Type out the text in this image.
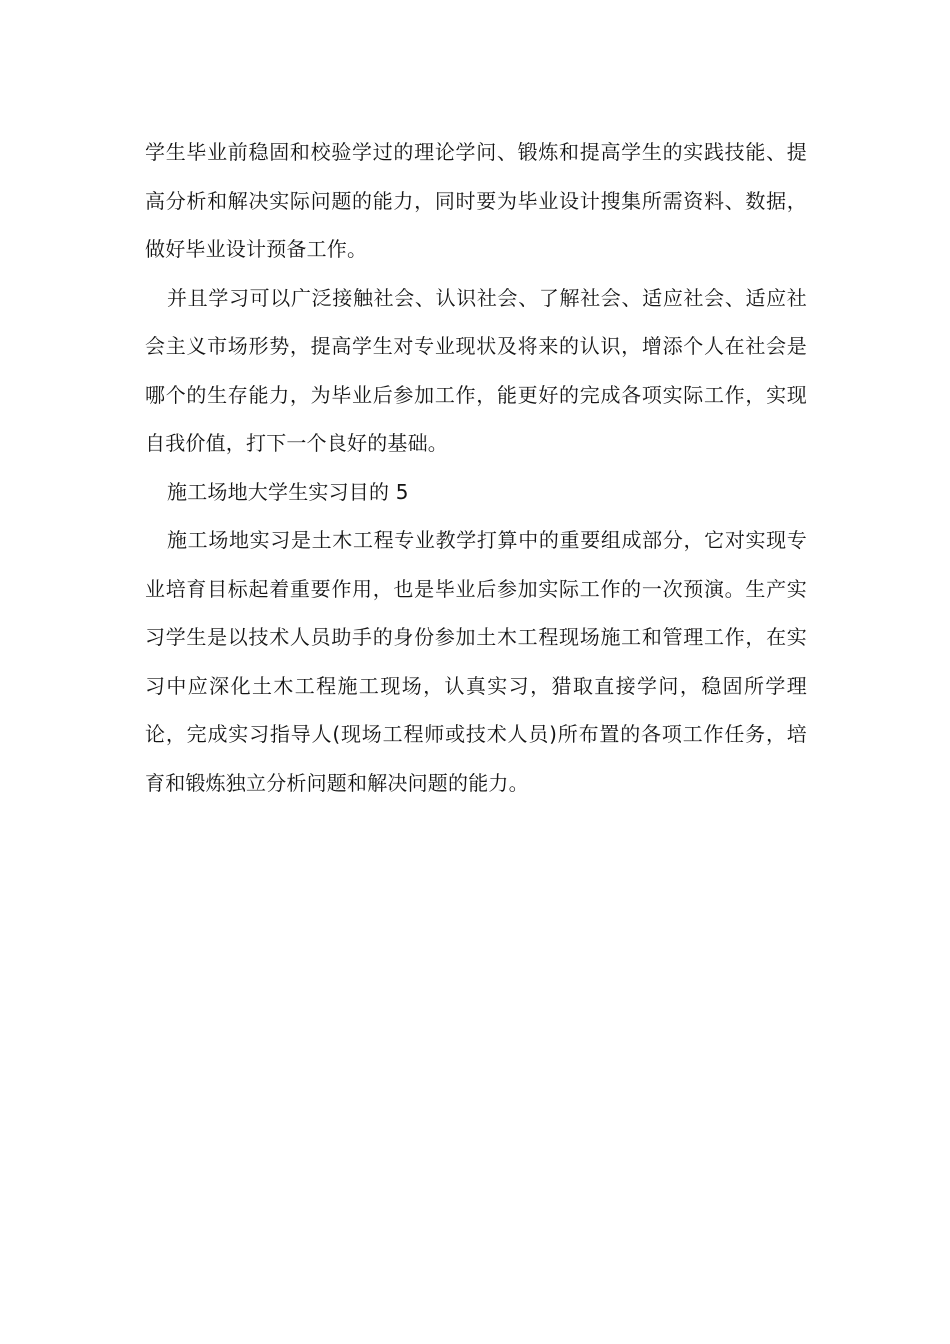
学生毕业前稳固和校验学过的理论学问、锻炼和提高学生的实践技能、提高分析和解决实际问题的能力，同时要为毕业设计搜集所需资料、数据，做好毕业设计预备工作。

并且学习可以广泛接触社会、认识社会、了解社会、适应社会、适应社会主义市场形势，提高学生对专业现状及将来的认识，增添个人在社会是哪个的生存能力，为毕业后参加工作，能更好的完成各项实际工作，实现自我价值，打下一个良好的基础。

施工场地大学生实习目的 5

施工场地实习是土木工程专业教学打算中的重要组成部分，它对实现专业培育目标起着重要作用，也是毕业后参加实际工作的一次预演。生产实习学生是以技术人员助手的身份参加土木工程现场施工和管理工作，在实习中应深化土木工程施工现场，认真实习，猎取直接学问，稳固所学理论，完成实习指导人(现场工程师或技术人员)所布置的各项工作任务，培育和锻炼独立分析问题和解决问题的能力。
